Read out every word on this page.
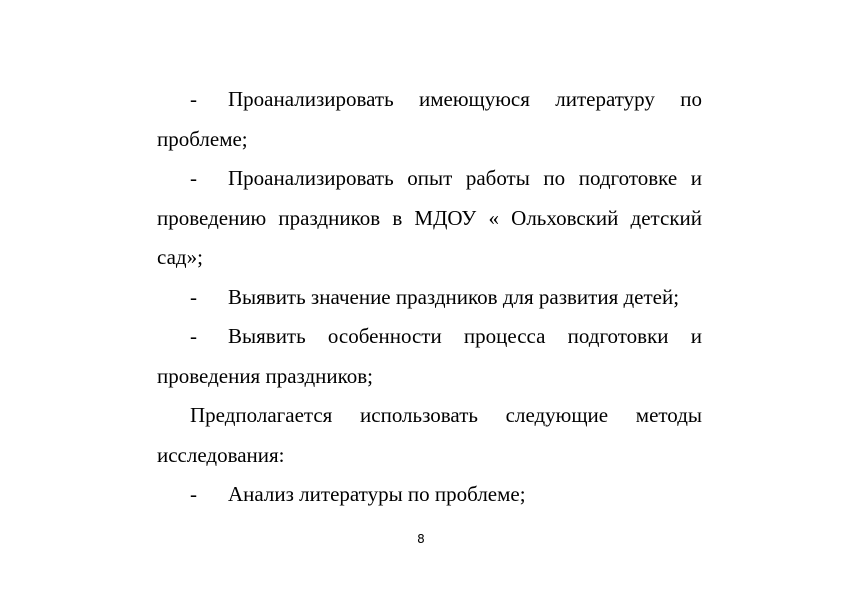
- Проанализировать имеющуюся литературу по
проблеме;
- Проанализировать опыт работы по подготовке и
проведению праздников в МДОУ « Ольховский детский
сад»;
- Выявить значение праздников для развития детей;
- Выявить особенности процесса подготовки и
проведения праздников;
Предполагается использовать следующие методы
исследования:
- Анализ литературы по проблеме;
8
